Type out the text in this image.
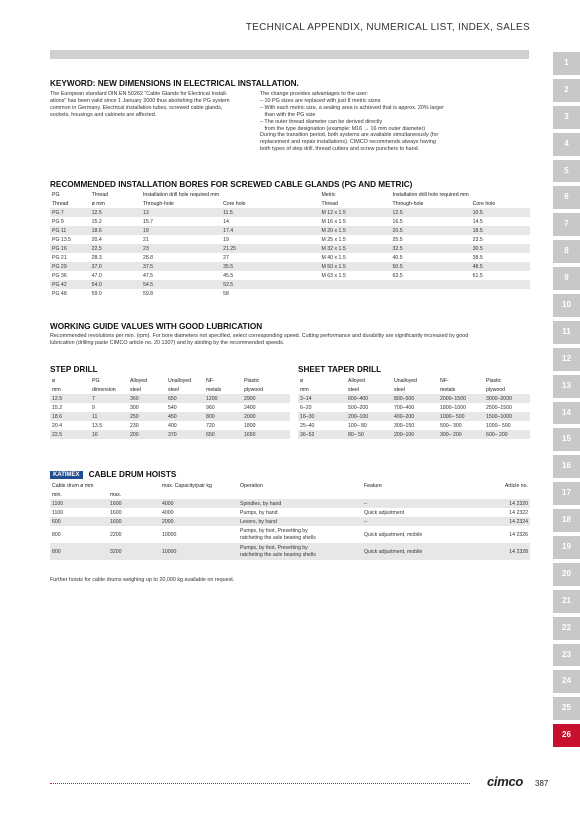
TECHNICAL APPENDIX, NUMERICAL LIST, INDEX, SALES
1
2
3
4
5
6
7
8
9
10
11
12
13
14
15
16
17
18
19
20
21
22
23
24
25
26
KEYWORD: NEW DIMENSIONS IN ELECTRICAL INSTALLATION.
The European standard DIN EN 50262 “Cable Glands for Electrical Install-
ations” has been valid since 1 January 2000 thus abolishing the PG system
common in Germany. Electrical installation tubes, screwed cable glands,
sockets, housings and cabinets are affected.
The change provides advantages to the user:
– 10 PG sizes are replaced with just 8 metric sizes
– With each metric size, a sealing area is achieved that is approx. 20% larger
than with the PG size
– The outer thread diameter can be derived directly
from the type designation (example: M16 → 16 mm outer diameter)
During the transition period, both systems are available simultaneously (for
replacement and repair installations). CIMCO recommends always having
both types of step drill, thread cutters and screw punchers to hand.
RECOMMENDED INSTALLATION BORES FOR SCREWED CABLE GLANDS (PG AND METRIC)
PG	Thread	Installation drill hole required mm		Metric	Installation drill hole required mm	
Thread	ø mm	Through-hole	Core hole	Thread	Through-hole	Core hole
PG 7	12.5	13	11.5	M 12 x 1.5	12.5	10.5
PG 9	15.2	15.7	14	M 16 x 1.5	16.5	14.5
PG 11	18.6	19	17.4	M 20 x 1.5	20.5	18.5
PG 13.5	20.4	21	19	M 25 x 1.5	25.5	23.5
PG 16	22.5	23	21.25	M 32 x 1.5	32.5	30.5
PG 21	28.3	28.8	27	M 40 x 1.5	40.5	38.5
PG 29	37.0	37.5	35.5	M 50 x 1.5	50.5	48.5
PG 36	47.0	47.5	45.5	M 63 x 1.5	63.5	61.5
PG 42	54.0	54.5	52.5			
PG 48	59.0	59.8	58			
WORKING GUIDE VALUES WITH GOOD LUBRICATION
Recommended revolutions per min. (rpm). For bore diameters not specified, select corresponding speed. Cutting performance and durability are significantly increased by good
lubrication (drilling paste CIMCO article no. 20 1307) and by abiding by the recommended speeds.
STEP DRILL
ø	PG	Alloyed	Unalloyed	NF-	Plastic
mm	dimension	steel	steel	metals	plywood
12.5	7	360	650	1200	2900
15.2	9	300	540	960	2400
18.6	11	250	450	800	2000
20.4	13.5	230	400	720	1800
22.5	16	200	370	650	1650
SHEET TAPER DRILL
ø	Alloyed	Unalloyed	NF-	Plastic
mm	steel	steel	metals	plywood
3–14	600–400	800–500	2000–1500	3000–2000
6–20	500–200	700–400	1800–1000	2500–1500
16–30	200–100	400–200	1000– 500	1500–1000
25–40	100– 80	300–150	500– 300	1000– 500
36–52	80– 50	200–100	300– 200	600– 200
KATIMEX	CABLE DRUM HOISTS
Cable drum ø mm		max. Capacity/pair kg	Operation	Feature	Article no.
min.	max.				
1100	1600	4000	Spindles, by hand	–	14 2320
1100	1600	4000	Pumps, by hand	Quick adjustment	14 2322
600	1600	2000	Levers, by hand	–	14 2324
800	2200	10000	Pumps, by foot, Presetting by
ratcheting the axle bearing shells	Quick adjustment, mobile	14 2326
800	3200	10000	Pumps, by foot, Presetting by
ratcheting the axle bearing shells	Quick adjustment, mobile	14 2328
Further hoists for cable drums weighing up to 20,000 kg available on request.
cimco 387
